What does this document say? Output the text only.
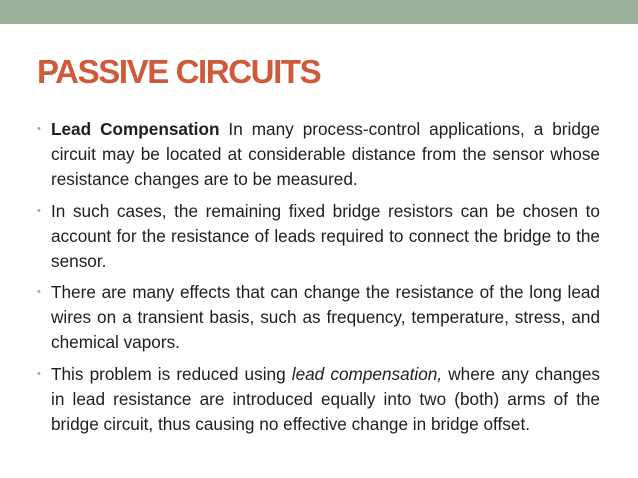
PASSIVE CIRCUITS
• Lead Compensation In many process-control applications, a bridge circuit may be located at considerable distance from the sensor whose resistance changes are to be measured.
• In such cases, the remaining fixed bridge resistors can be chosen to account for the resistance of leads required to connect the bridge to the sensor.
• There are many effects that can change the resistance of the long lead wires on a transient basis, such as frequency, temperature, stress, and chemical vapors.
• This problem is reduced using lead compensation, where any changes in lead resistance are introduced equally into two (both) arms of the bridge circuit, thus causing no effective change in bridge offset.
